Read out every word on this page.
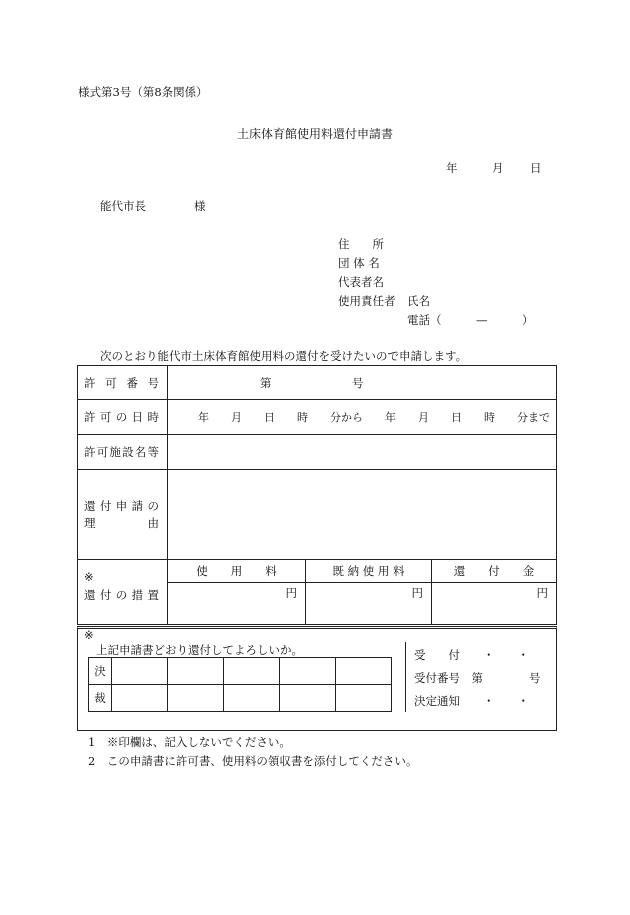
様式第3号（第8条関係）
土床体育館使用料還付申請書
年	月 日
能代市長	様
住　　所
団 体 名
代表者名
使用責任者　氏名
電話（　　　—　　　）
次のとおり能代市土床体育館使用料の還付を受けたいので申請します。
許可番号	第　　　　　　　号		

許可の日時	年　　月　　日　　時　　分から　　年　　月　　日　　時　　分まで		

許可施設名等			

還付申請の
理　　　　由			

※
還付の措置	使　　用　　料	既 納 使 用 料	還　　付　　金
	円	円	円
※
上記申請書どおり還付してよろしいか。
決					
裁					
受　　付　　・　　・
受付番号　第　　　　号
決定通知　　・　　・
1　※印欄は、記入しないでください。
2　この申請書に許可書、使用料の領収書を添付してください。
